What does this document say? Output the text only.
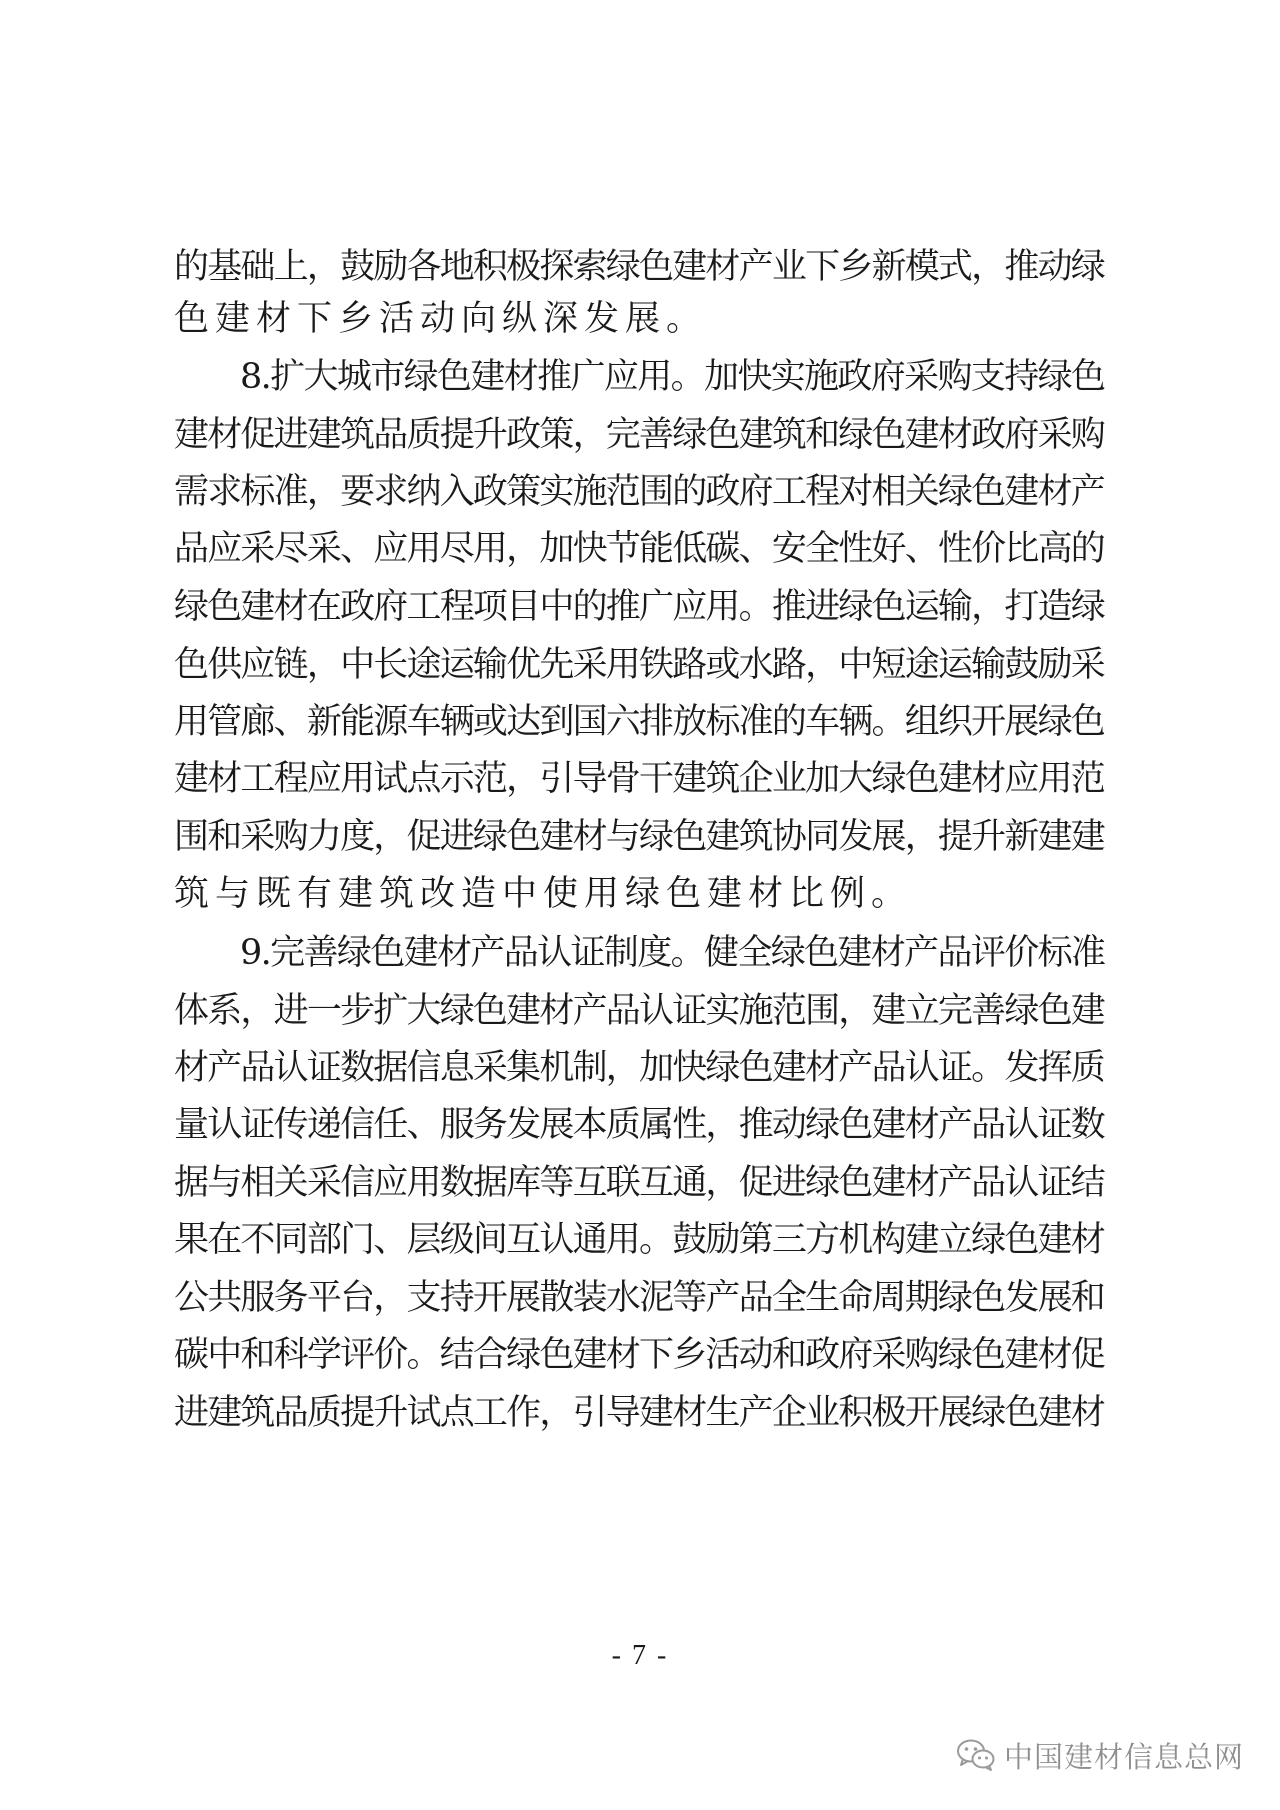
的基础上，鼓励各地积极探索绿色建材产业下乡新模式，推动绿
色建材下乡活动向纵深发展。
8.扩大城市绿色建材推广应用。加快实施政府采购支持绿色
建材促进建筑品质提升政策，完善绿色建筑和绿色建材政府采购
需求标准，要求纳入政策实施范围的政府工程对相关绿色建材产
品应采尽采、应用尽用，加快节能低碳、安全性好、性价比高的
绿色建材在政府工程项目中的推广应用。推进绿色运输，打造绿
色供应链，中长途运输优先采用铁路或水路，中短途运输鼓励采
用管廊、新能源车辆或达到国六排放标准的车辆。组织开展绿色
建材工程应用试点示范，引导骨干建筑企业加大绿色建材应用范
围和采购力度，促进绿色建材与绿色建筑协同发展，提升新建建
筑与既有建筑改造中使用绿色建材比例。
9.完善绿色建材产品认证制度。健全绿色建材产品评价标准
体系，进一步扩大绿色建材产品认证实施范围，建立完善绿色建
材产品认证数据信息采集机制，加快绿色建材产品认证。发挥质
量认证传递信任、服务发展本质属性，推动绿色建材产品认证数
据与相关采信应用数据库等互联互通，促进绿色建材产品认证结
果在不同部门、层级间互认通用。鼓励第三方机构建立绿色建材
公共服务平台，支持开展散装水泥等产品全生命周期绿色发展和
碳中和科学评价。结合绿色建材下乡活动和政府采购绿色建材促
进建筑品质提升试点工作，引导建材生产企业积极开展绿色建材
- 7 -
中国建材信息总网
